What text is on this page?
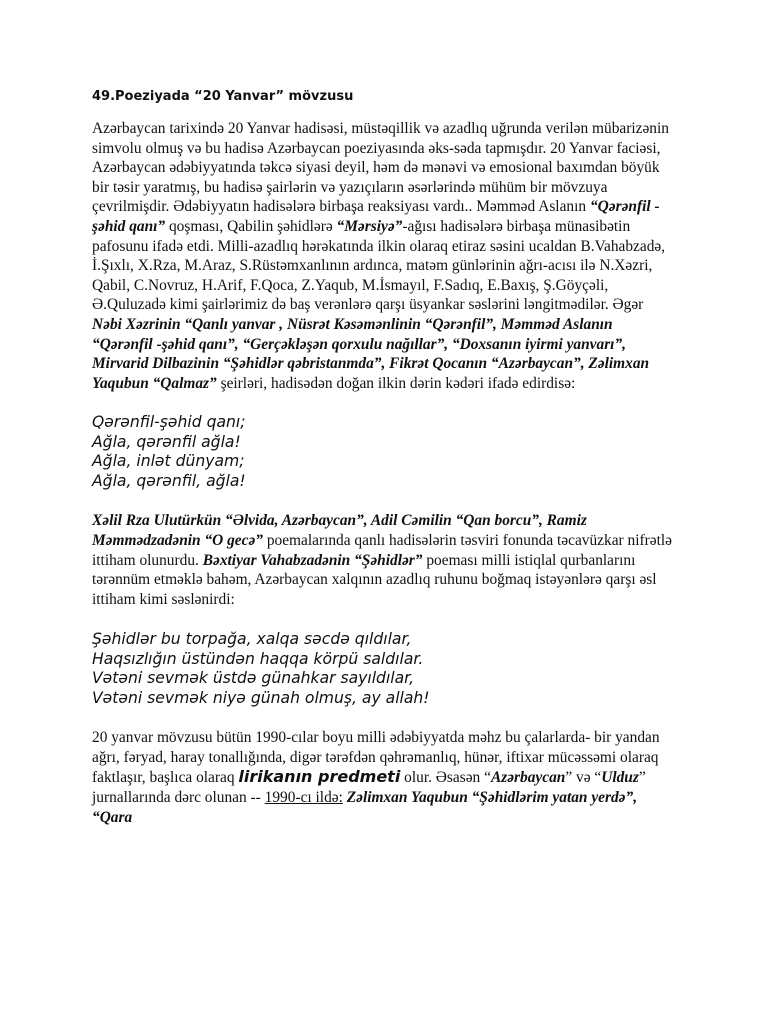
49.Poeziyada “20 Yanvar” mövzusu

Azərbaycan tarixində 20 Yanvar hadisəsi, müstəqillik və azadlıq uğrunda verilən mübarizənin simvolu olmuş və bu hadisə Azərbaycan poeziyasında əks-sədа tapmışdır. 20 Yanvar faciəsi, Azərbaycan ədəbiyyatında təkcə siyasi deyil, həm də mənəvi və emosional baxımdan böyük bir təsir yaratmış, bu hadisə şairlərin və yazıçıların əsərlərində mühüm bir mövzuya çevrilmişdir. Ədəbiyyatın hadisələrə birbaşa reaksiyası vardı.. Məmməd Aslanın “Qərənfil - şəhid qanı” qoşması, Qabilin şəhidlərə “Mərsiyə”-ağısı hadisələrə birbaşa münasibətin pafosunu ifadə etdi. Milli-azadlıq hərəkatında ilkin olaraq etiraz səsini ucaldan B.Vahabzadə, İ.Şıxlı, X.Rza, M.Araz, S.Rüstəmxanlının ardınca, matəm günlərinin ağrı-acısı ilə N.Xəzri, Qabil, C.Novruz, H.Arif, F.Qoca, Z.Yaqub, M.İsmayıl, F.Sadıq, E.Baxış, Ş.Göyçəli, Ə.Quluzadə kimi şairlərimiz də baş verənlərə qarşı üsyankar səslərini ləngitmədilər. Əgər Nəbi Xəzrinin “Qanlı yanvar , Nüsrət Kəsəmənlinin “Qərənfil”, Məmməd Aslanın “Qərənfil -şəhid qanı”, “Gerçəkləşən qorxulu nağıllar”, “Doxsanın iyirmi yanvarı”, Mirvarid Dilbazinin “Şəhidlər qəbristanmda”, Fikrət Qocanın “Azərbaycan”, Zəlimxan Yaqubun “Qalmaz” şeirləri, hadisədən doğan ilkin dərin kədəri ifadə edirdisə:

Qərənfil-şəhid qanı;
Ağla, qərənfil ağla!
Ağla, inlət dünyam;
Ağla, qərənfil, ağla!

Xəlil Rza Ulutürkün “Əlvida, Azərbaycan”, Adil Cəmilin “Qan borcu”, Ramiz Məmmədzadənin “O gecə” poemalarında qanlı hadisələrin təsviri fonunda təcavüzkar nifrətlə ittiham olunurdu. Bəxtiyar Vahabzadənin “Şəhidlər” poeması milli istiqlal qurbanlarını tərənnüm etməklə bahəm, Azərbaycan xalqının azadlıq ruhunu boğmaq istəyənlərə qarşı əsl ittiham kimi səslənirdi:

Şəhidlər bu torpağa, xalqa səcdə qıldılar,
Haqsızlığın üstündən haqqa körpü saldılar.
Vətəni sevmək üstdə günahkar sayıldılar,
Vətəni sevmək niyə günah olmuş, ay allah!

20 yanvar mövzusu bütün 1990-cılar boyu milli ədəbiyyatda məhz bu çalarlarda- bir yandan ağrı, fəryad, haray tonallığında, digər tərəfdən qəhrəmanlıq, hünər, iftixar mücəssəmi olaraq faktlaşır, başlıca olaraq lirikanın predmeti olur. Əsasən “Azərbaycan” və “Ulduz” jurnallarında dərc olunan -- 1990-cı ildə: Zəlimxan Yaqubun “Şəhidlərim yatan yerdə”, “Qara
